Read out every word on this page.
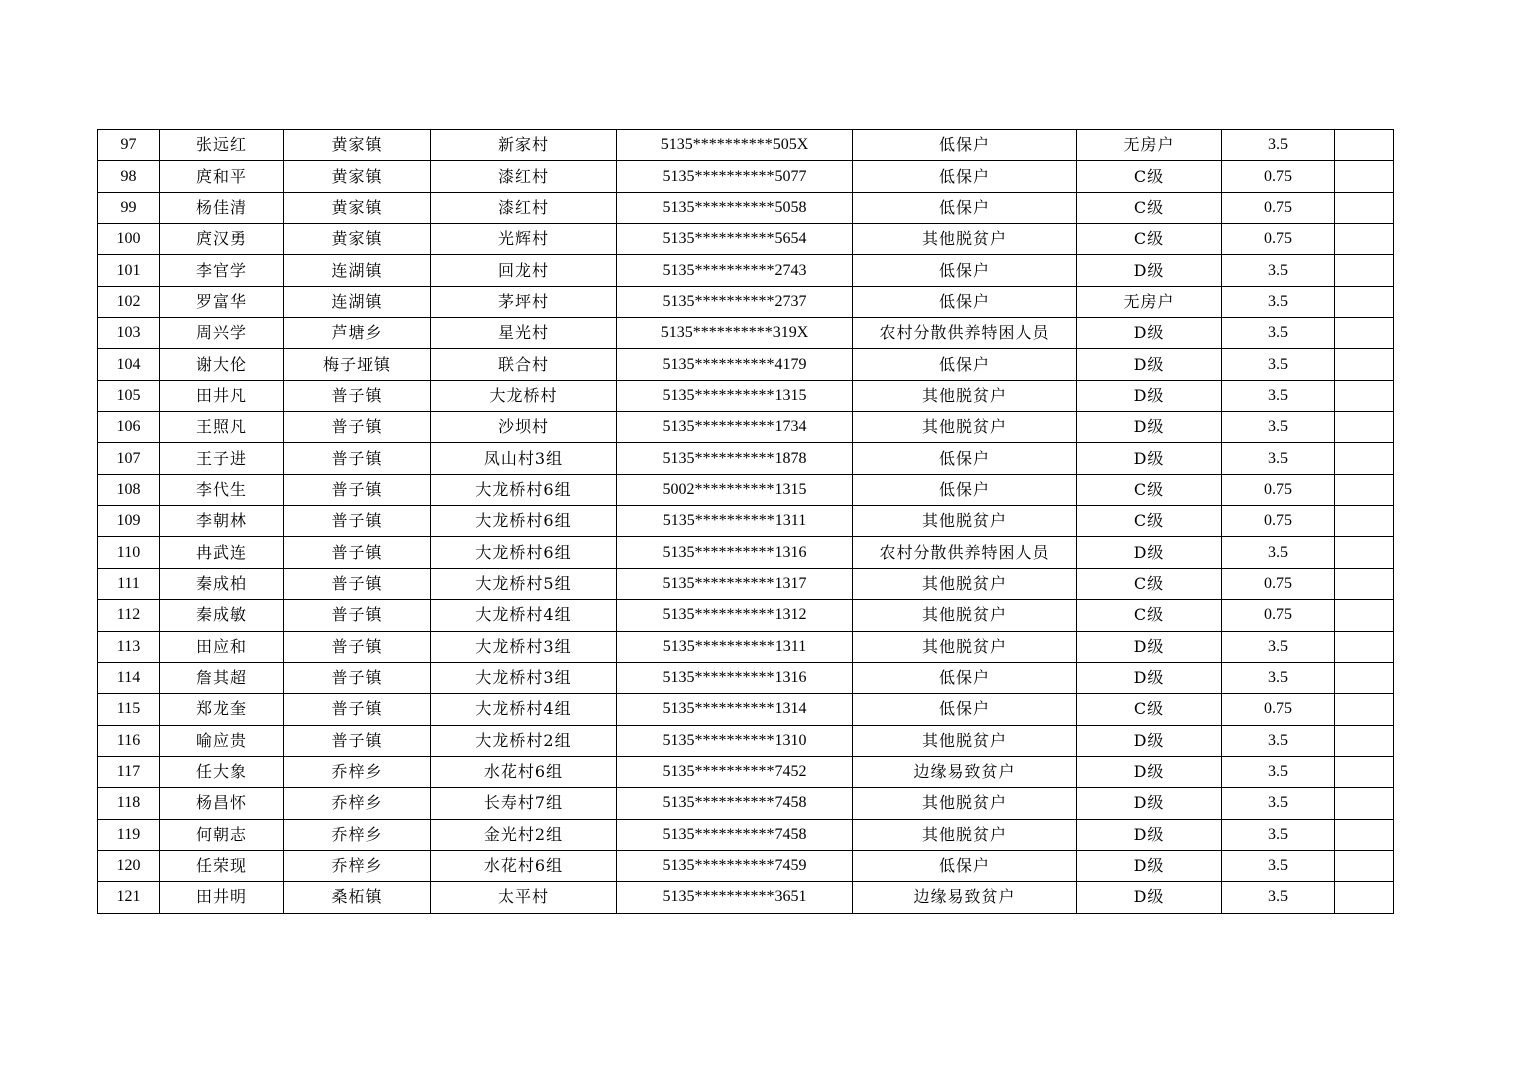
97	张远红	黄家镇	新家村	5135**********505X	低保户	无房户	3.5	
98	庹和平	黄家镇	漆红村	5135**********5077	低保户	C级	0.75	
99	杨佳清	黄家镇	漆红村	5135**********5058	低保户	C级	0.75	
100	庹汉勇	黄家镇	光辉村	5135**********5654	其他脱贫户	C级	0.75	
101	李官学	连湖镇	回龙村	5135**********2743	低保户	D级	3.5	
102	罗富华	连湖镇	茅坪村	5135**********2737	低保户	无房户	3.5	
103	周兴学	芦塘乡	星光村	5135**********319X	农村分散供养特困人员	D级	3.5	
104	谢大伦	梅子垭镇	联合村	5135**********4179	低保户	D级	3.5	
105	田井凡	普子镇	大龙桥村	5135**********1315	其他脱贫户	D级	3.5	
106	王照凡	普子镇	沙坝村	5135**********1734	其他脱贫户	D级	3.5	
107	王子进	普子镇	凤山村3组	5135**********1878	低保户	D级	3.5	
108	李代生	普子镇	大龙桥村6组	5002**********1315	低保户	C级	0.75	
109	李朝林	普子镇	大龙桥村6组	5135**********1311	其他脱贫户	C级	0.75	
110	冉武连	普子镇	大龙桥村6组	5135**********1316	农村分散供养特困人员	D级	3.5	
111	秦成柏	普子镇	大龙桥村5组	5135**********1317	其他脱贫户	C级	0.75	
112	秦成敏	普子镇	大龙桥村4组	5135**********1312	其他脱贫户	C级	0.75	
113	田应和	普子镇	大龙桥村3组	5135**********1311	其他脱贫户	D级	3.5	
114	詹其超	普子镇	大龙桥村3组	5135**********1316	低保户	D级	3.5	
115	郑龙奎	普子镇	大龙桥村4组	5135**********1314	低保户	C级	0.75	
116	喻应贵	普子镇	大龙桥村2组	5135**********1310	其他脱贫户	D级	3.5	
117	任大象	乔梓乡	水花村6组	5135**********7452	边缘易致贫户	D级	3.5	
118	杨昌怀	乔梓乡	长寿村7组	5135**********7458	其他脱贫户	D级	3.5	
119	何朝志	乔梓乡	金光村2组	5135**********7458	其他脱贫户	D级	3.5	
120	任荣现	乔梓乡	水花村6组	5135**********7459	低保户	D级	3.5	
121	田井明	桑柘镇	太平村	5135**********3651	边缘易致贫户	D级	3.5	
